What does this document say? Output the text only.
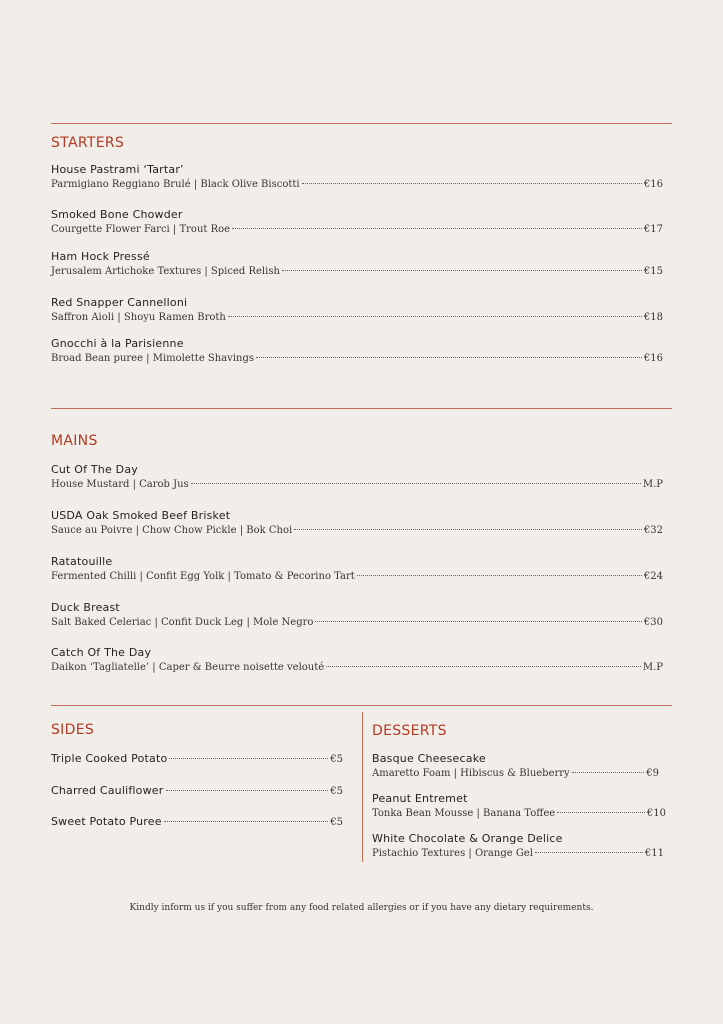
STARTERS
House Pastrami ‘Tartar’
Parmigiano Reggiano Brulé | Black Olive Biscotti	€16
Smoked Bone Chowder
Courgette Flower Farci | Trout Roe	€17
Ham Hock Pressé
Jerusalem Artichoke Textures | Spiced Relish	€15
Red Snapper Cannelloni
Saffron Aioli | Shoyu Ramen Broth	€18
Gnocchi à la Parisienne
Broad Bean puree | Mimolette Shavings	€16
MAINS
Cut Of The Day
House Mustard | Carob Jus	M.P
USDA Oak Smoked Beef Brisket
Sauce au Poivre | Chow Chow Pickle | Bok Choi	€32
Ratatouille
Fermented Chilli | Confit Egg Yolk | Tomato & Pecorino Tart	€24
Duck Breast
Salt Baked Celeriac | Confit Duck Leg | Mole Negro	€30
Catch Of The Day
Daikon ‘Tagliatelle’ | Caper & Beurre noisette velouté	M.P
SIDES
Triple Cooked Potato	€5
Charred Cauliflower	€5
Sweet Potato Puree	€5
DESSERTS
Basque Cheesecake
Amaretto Foam | Hibiscus & Blueberry	€9
Peanut Entremet
Tonka Bean Mousse | Banana Toffee	€10
White Chocolate & Orange Delice
Pistachio Textures | Orange Gel	€11
Kindly inform us if you suffer from any food related allergies or if you have any dietary requirements.
